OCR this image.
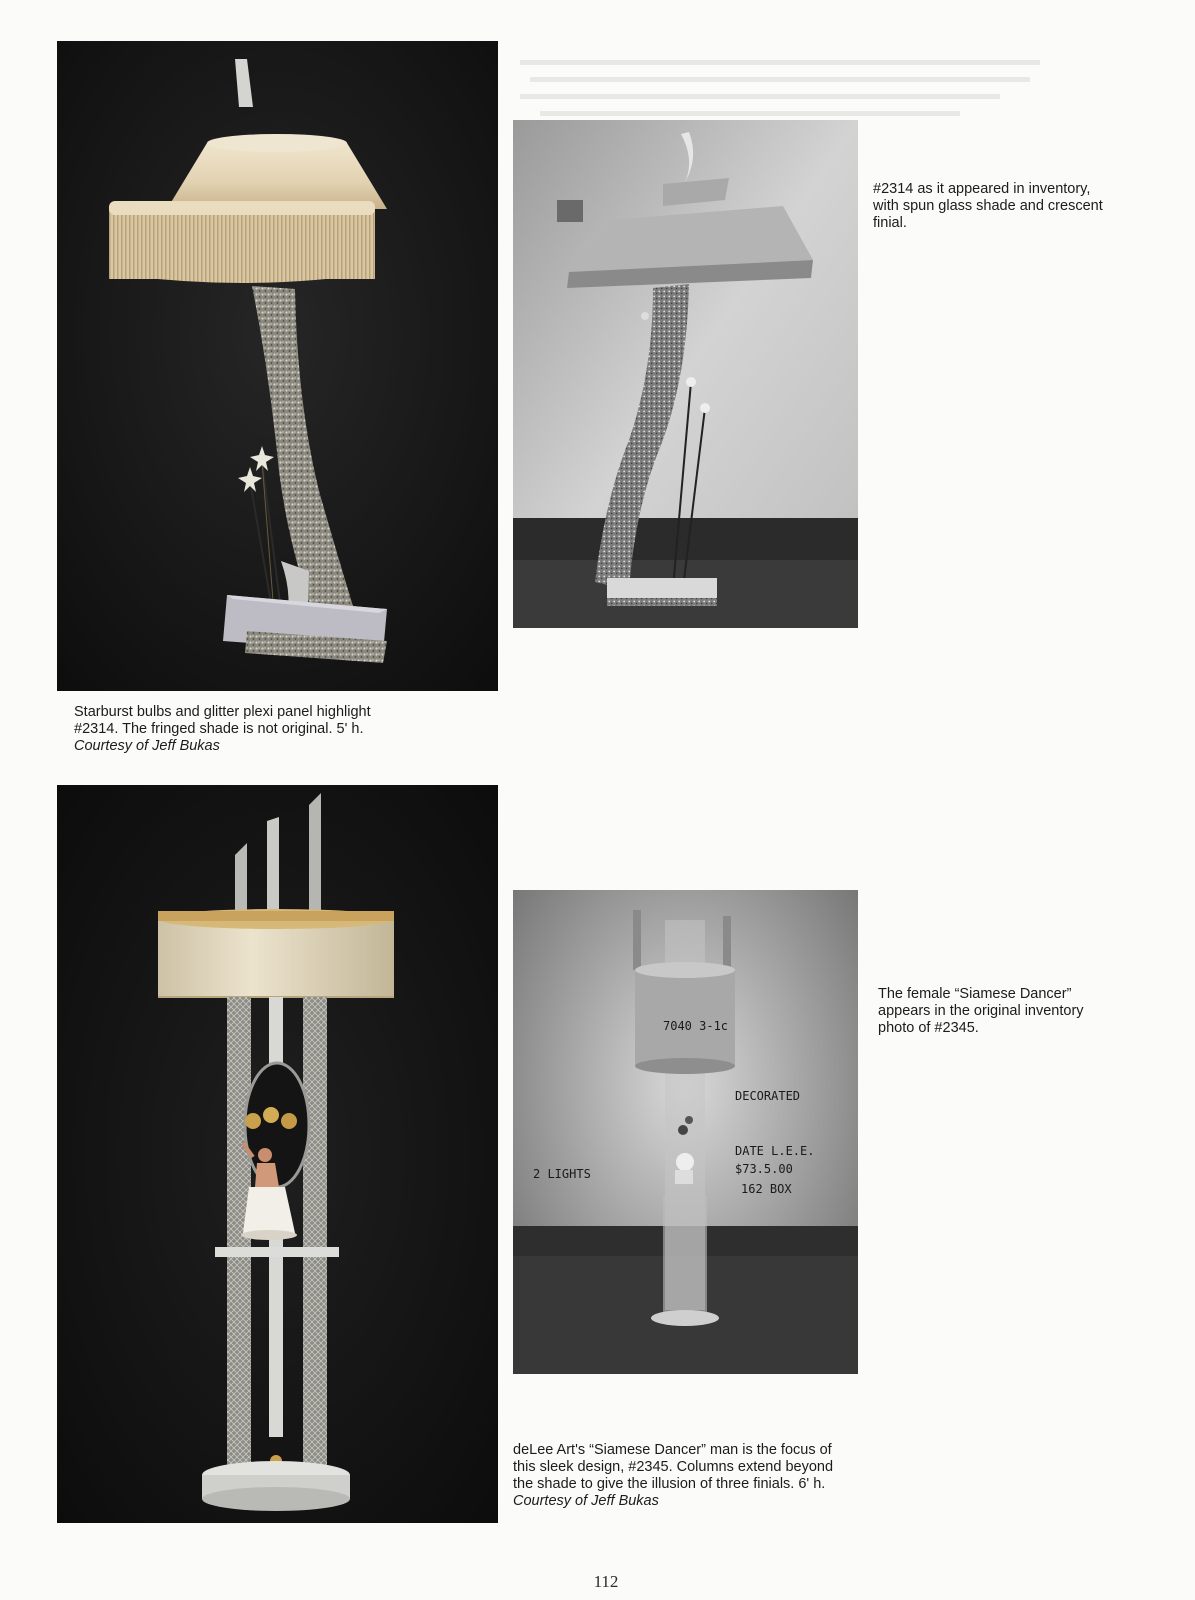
#2314 as it appeared in inventory,
with spun glass shade and crescent
finial.
Starburst bulbs and glitter plexi panel highlight
#2314. The fringed shade is not original. 5' h.
Courtesy of Jeff Bukas
7040 3-1c
DECORATED
DATE L.E.E.
$73.5.00
162 BOX
2 LIGHTS
The female “Siamese Dancer”
appears in the original inventory
photo of #2345.
deLee Art's “Siamese Dancer” man is the focus of
this sleek design, #2345. Columns extend beyond
the shade to give the illusion of three finials. 6' h.
Courtesy of Jeff Bukas
112
